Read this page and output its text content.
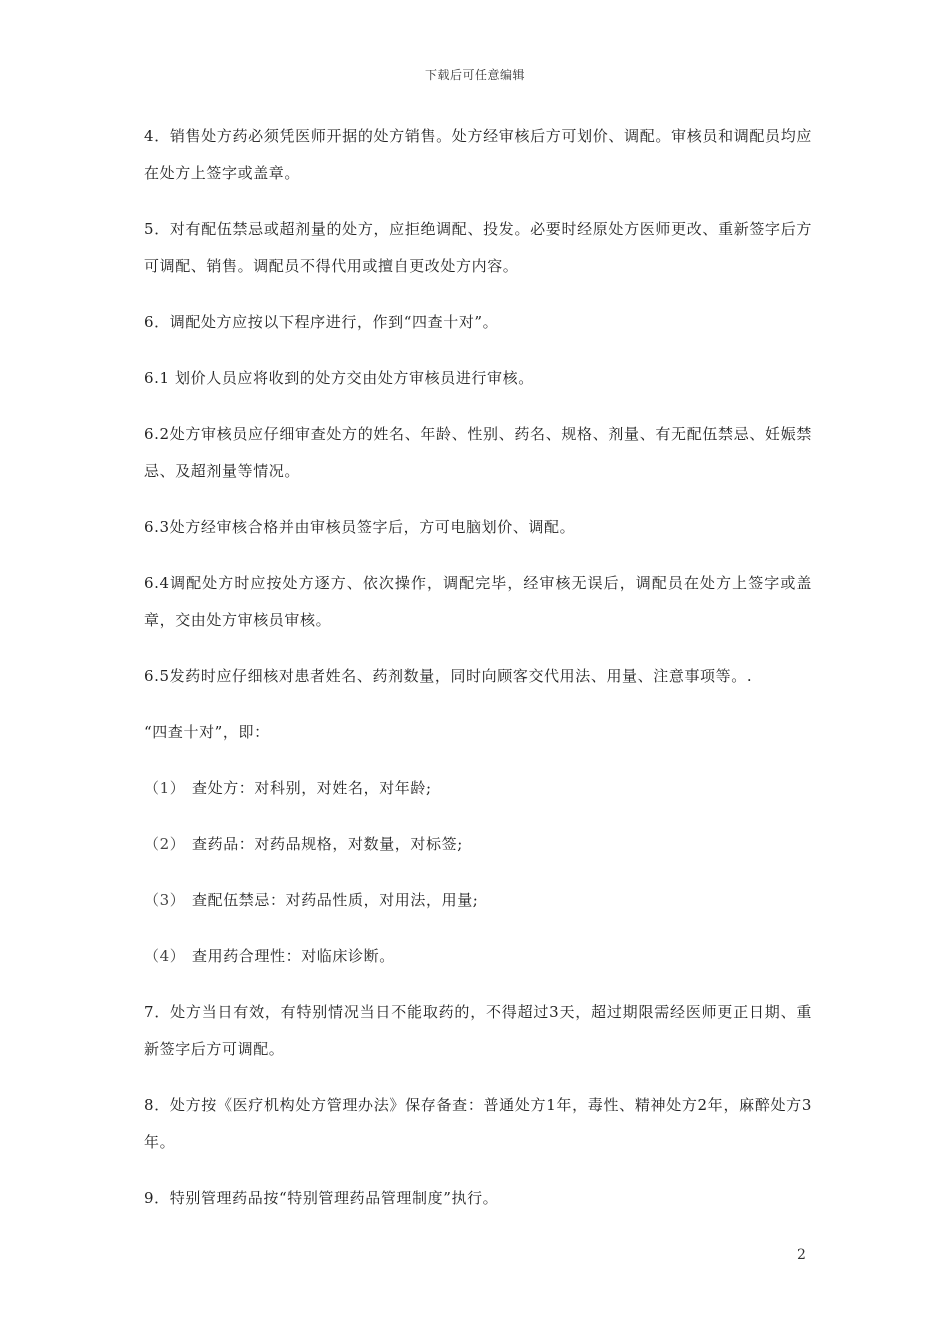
下载后可任意编辑

4．销售处方药必须凭医师开据的处方销售。处方经审核后方可划价、调配。审核员和调配员均应在处方上签字或盖章。

5．对有配伍禁忌或超剂量的处方，应拒绝调配、投发。必要时经原处方医师更改、重新签字后方可调配、销售。调配员不得代用或擅自更改处方内容。

6．调配处方应按以下程序进行，作到“四查十对”。

6.1 划价人员应将收到的处方交由处方审核员进行审核。

6.2处方审核员应仔细审查处方的姓名、年龄、性别、药名、规格、剂量、有无配伍禁忌、妊娠禁忌、及超剂量等情况。

6.3处方经审核合格并由审核员签字后，方可电脑划价、调配。

6.4调配处方时应按处方逐方、依次操作，调配完毕，经审核无误后，调配员在处方上签字或盖章，交由处方审核员审核。

6.5发药时应仔细核对患者姓名、药剂数量，同时向顾客交代用法、用量、注意事项等。.

“四查十对”，即：

（1） 查处方：对科别，对姓名，对年龄;

（2） 查药品：对药品规格，对数量，对标签;

（3） 查配伍禁忌：对药品性质，对用法，用量;

（4） 查用药合理性：对临床诊断。

7．处方当日有效，有特别情况当日不能取药的，不得超过3天，超过期限需经医师更正日期、重新签字后方可调配。

8．处方按《医疗机构处方管理办法》保存备查：普通处方1年，毒性、精神处方2年，麻醉处方3年。

9．特别管理药品按“特别管理药品管理制度”执行。

2
